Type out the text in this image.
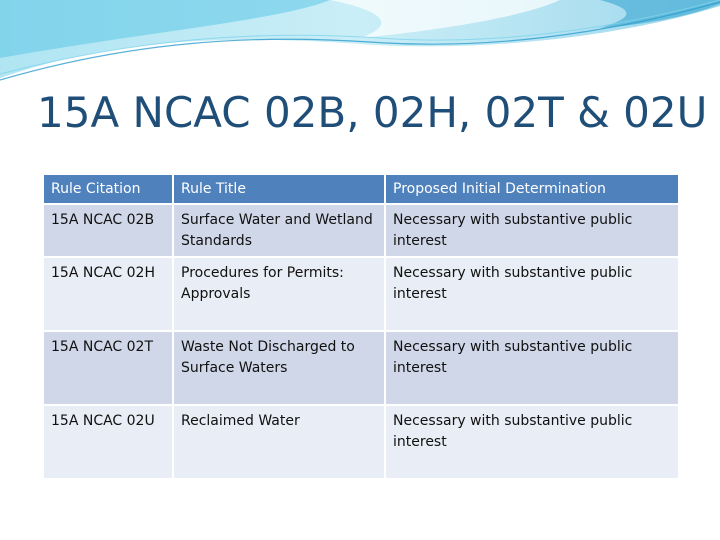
15A NCAC 02B, 02H, 02T & 02U
Rule Citation	Rule Title	Proposed Initial Determination
15A NCAC 02B	Surface Water and Wetland Standards	Necessary with substantive public interest
15A NCAC 02H	Procedures for Permits: Approvals	Necessary with substantive public interest
15A NCAC 02T	Waste Not Discharged to Surface Waters	Necessary with substantive public interest
15A NCAC 02U	Reclaimed Water	Necessary with substantive public interest
